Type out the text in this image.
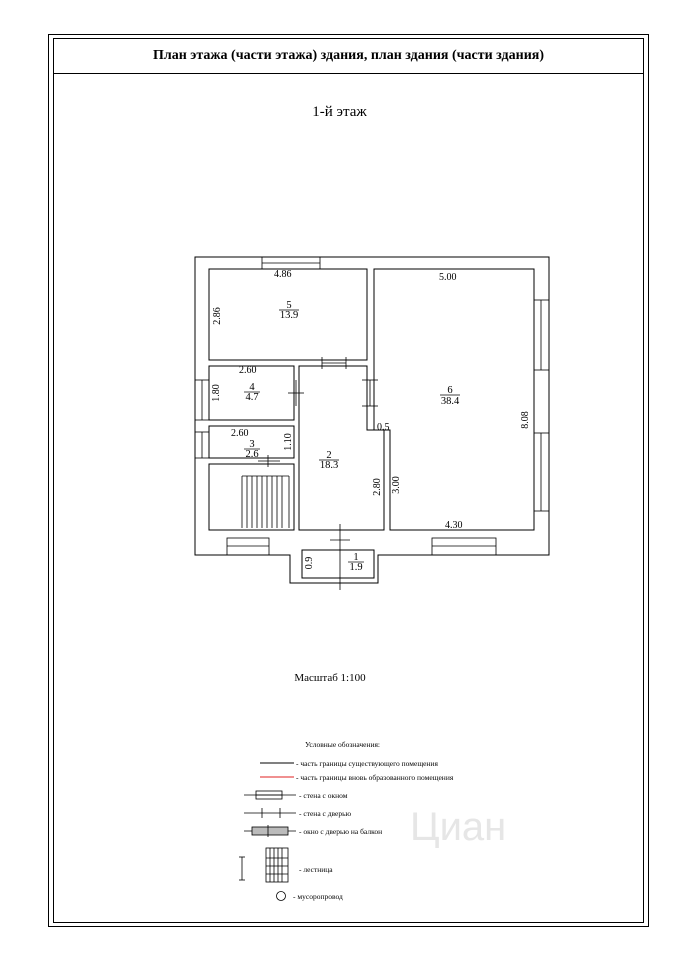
План этажа (части этажа) здания, план здания (части здания)
1-й этаж
Масштаб 1:100
4.86
2.86
5.00
8.08
4.30
2.60
1.80
2.60	1.10
2.80 3.00
0.5
0.9
5
13.9
6
38.4
4
4.7
3
2.6	2
18.3
1
1.9
Циан
Условные обозначения:
- часть границы существующего помещения
- часть границы вновь образованного помещения
- стена с окном
- стена с дверью
- окно с дверью на балкон
- лестница
- мусоропровод
